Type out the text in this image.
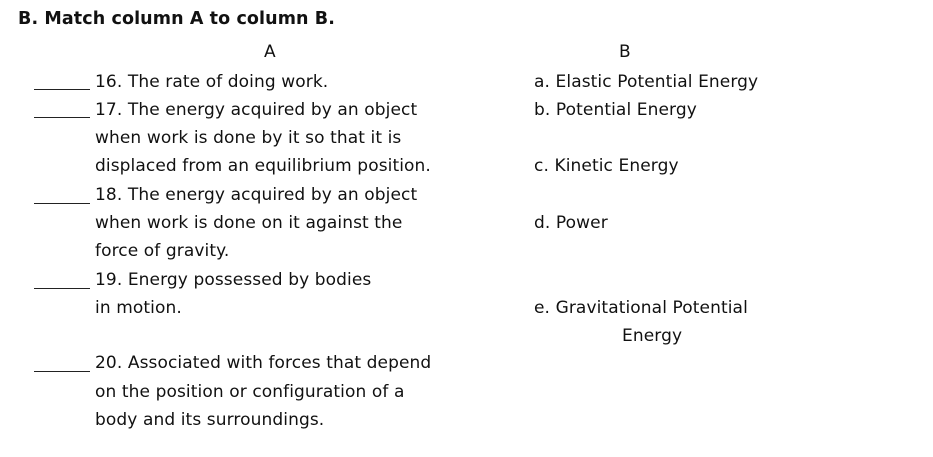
B. Match column A to column B.
A	B
16. The rate of doing work.
17. The energy acquired by an object
when work is done by it so that it is
displaced from an equilibrium position.
18. The energy acquired by an object
when work is done on it against the
force of gravity.
19. Energy possessed by bodies
in motion.
20. Associated with forces that depend
on the position or configuration of a
body and its surroundings.
a. Elastic Potential Energy
b. Potential Energy
c. Kinetic Energy
d. Power
e. Gravitational Potential
Energy
